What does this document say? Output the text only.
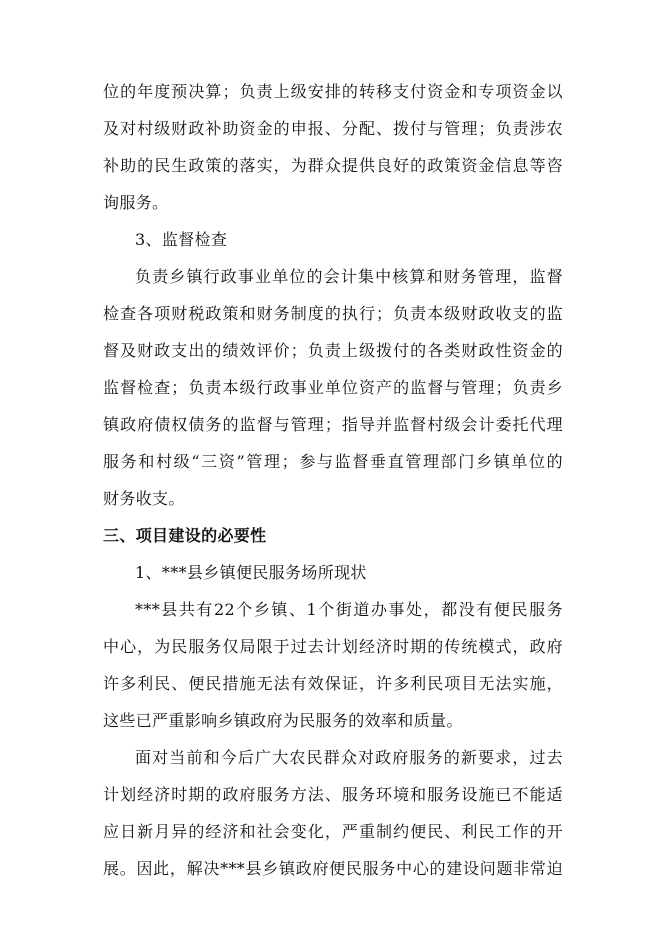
位的年度预决算；负责上级安排的转移支付资金和专项资金以
及对村级财政补助资金的申报、分配、拨付与管理；负责涉农
补助的民生政策的落实，为群众提供良好的政策资金信息等咨
询服务。
3、监督检查
负责乡镇行政事业单位的会计集中核算和财务管理，监督
检查各项财税政策和财务制度的执行；负责本级财政收支的监
督及财政支出的绩效评价；负责上级拨付的各类财政性资金的
监督检查；负责本级行政事业单位资产的监督与管理；负责乡
镇政府债权债务的监督与管理；指导并监督村级会计委托代理
服务和村级“三资”管理；参与监督垂直管理部门乡镇单位的
财务收支。
三、项目建设的必要性
1、***县乡镇便民服务场所现状
***县共有22个乡镇、1个街道办事处，都没有便民服务
中心，为民服务仅局限于过去计划经济时期的传统模式，政府
许多利民、便民措施无法有效保证，许多利民项目无法实施，
这些已严重影响乡镇政府为民服务的效率和质量。
面对当前和今后广大农民群众对政府服务的新要求，过去
计划经济时期的政府服务方法、服务环境和服务设施已不能适
应日新月异的经济和社会变化，严重制约便民、利民工作的开
展。因此，解决***县乡镇政府便民服务中心的建设问题非常迫
